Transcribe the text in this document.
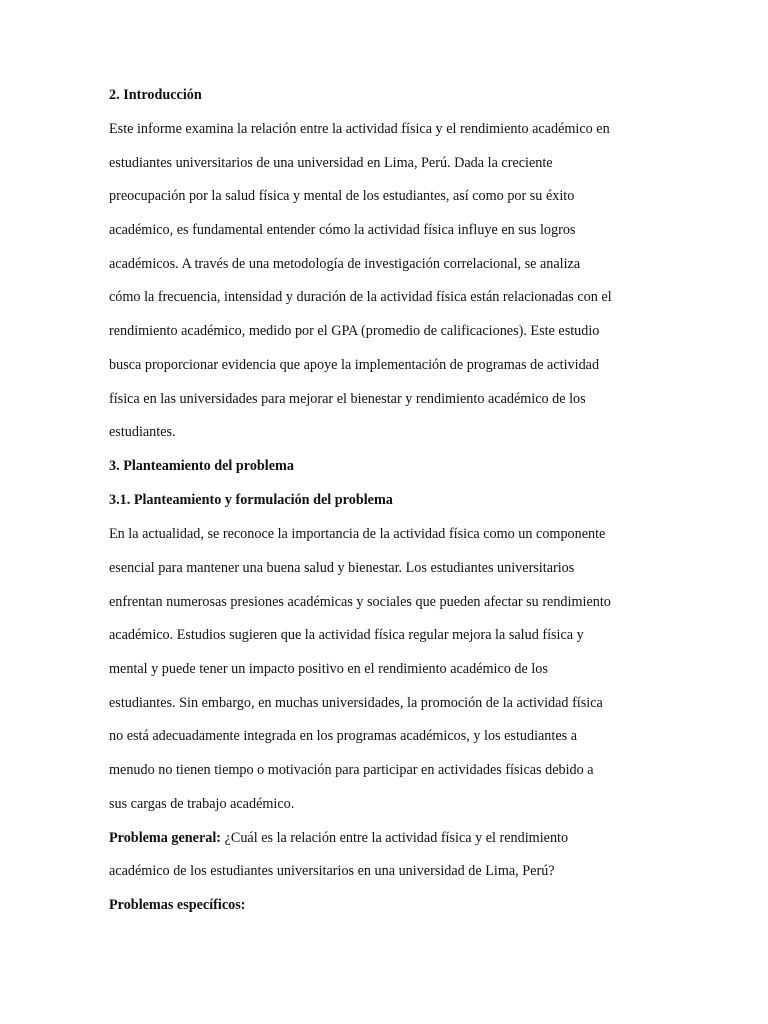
2. Introducción
Este informe examina la relación entre la actividad física y el rendimiento académico en
estudiantes universitarios de una universidad en Lima, Perú. Dada la creciente
preocupación por la salud física y mental de los estudiantes, así como por su éxito
académico, es fundamental entender cómo la actividad física influye en sus logros
académicos. A través de una metodología de investigación correlacional, se analiza
cómo la frecuencia, intensidad y duración de la actividad física están relacionadas con el
rendimiento académico, medido por el GPA (promedio de calificaciones). Este estudio
busca proporcionar evidencia que apoye la implementación de programas de actividad
física en las universidades para mejorar el bienestar y rendimiento académico de los
estudiantes.
3. Planteamiento del problema
3.1. Planteamiento y formulación del problema
En la actualidad, se reconoce la importancia de la actividad física como un componente
esencial para mantener una buena salud y bienestar. Los estudiantes universitarios
enfrentan numerosas presiones académicas y sociales que pueden afectar su rendimiento
académico. Estudios sugieren que la actividad física regular mejora la salud física y
mental y puede tener un impacto positivo en el rendimiento académico de los
estudiantes. Sin embargo, en muchas universidades, la promoción de la actividad física
no está adecuadamente integrada en los programas académicos, y los estudiantes a
menudo no tienen tiempo o motivación para participar en actividades físicas debido a
sus cargas de trabajo académico.
Problema general: ¿Cuál es la relación entre la actividad física y el rendimiento
académico de los estudiantes universitarios en una universidad de Lima, Perú?
Problemas específicos:
